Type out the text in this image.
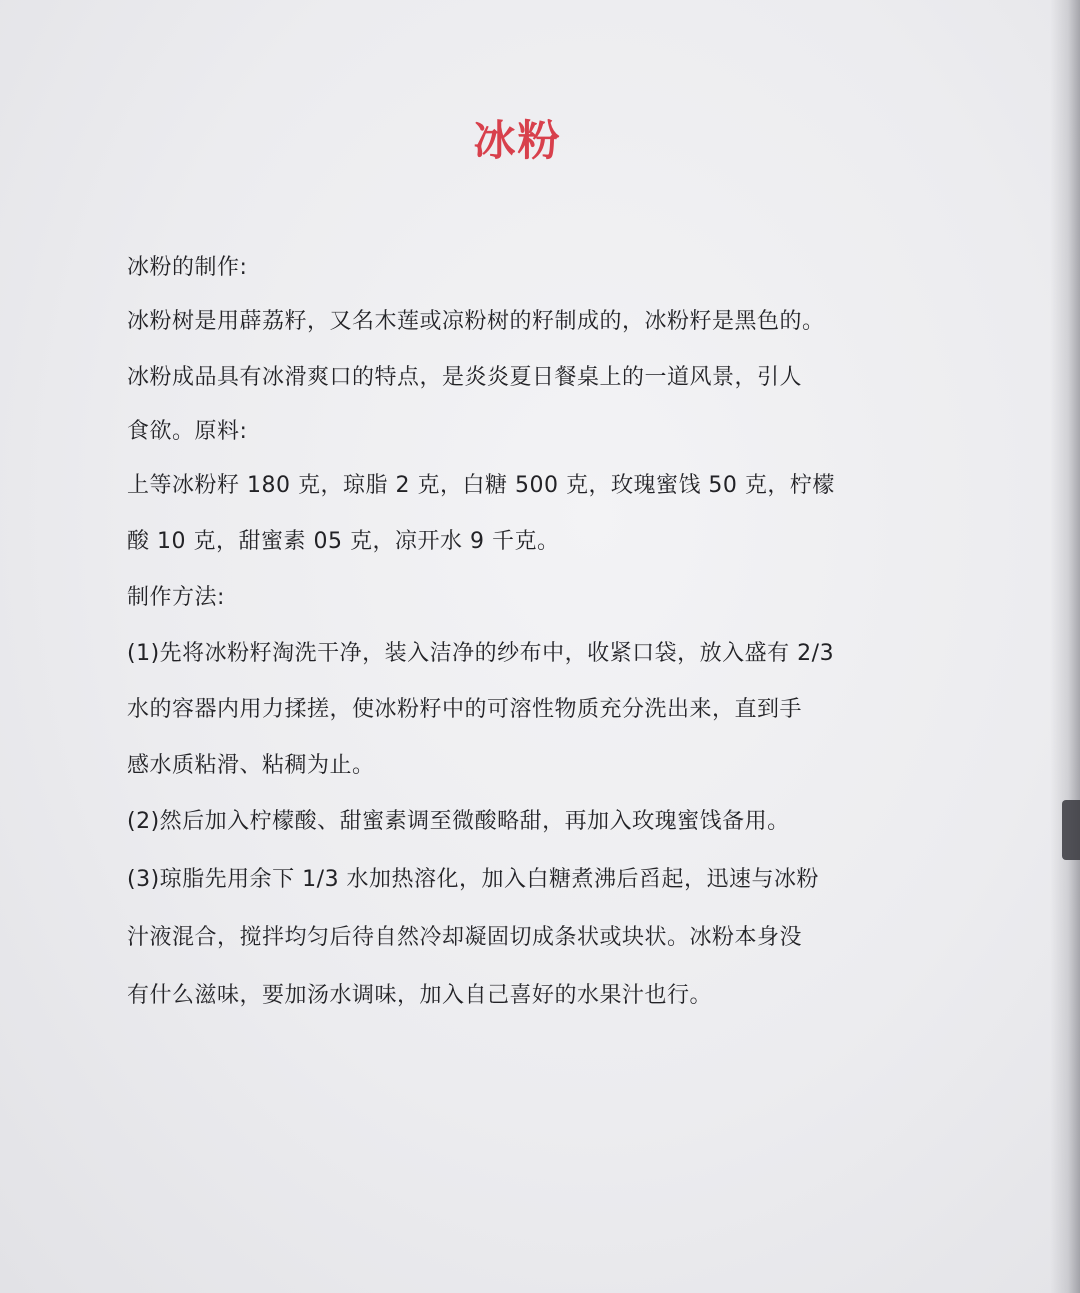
冰粉
冰粉的制作:
冰粉树是用薜荔籽，又名木莲或凉粉树的籽制成的，冰粉籽是黑色的。
冰粉成品具有冰滑爽口的特点，是炎炎夏日餐桌上的一道风景，引人
食欲。原料:
上等冰粉籽 180 克，琼脂 2 克，白糖 500 克，玫瑰蜜饯 50 克，柠檬
酸 10 克，甜蜜素 05 克，凉开水 9 千克。
制作方法:
(1)先将冰粉籽淘洗干净，装入洁净的纱布中，收紧口袋，放入盛有 2/3
水的容器内用力揉搓，使冰粉籽中的可溶性物质充分洗出来，直到手
感水质粘滑、粘稠为止。
(2)然后加入柠檬酸、甜蜜素调至微酸略甜，再加入玫瑰蜜饯备用。
(3)琼脂先用余下 1/3 水加热溶化，加入白糖煮沸后舀起，迅速与冰粉
汁液混合，搅拌均匀后待自然冷却凝固切成条状或块状。冰粉本身没
有什么滋味，要加汤水调味，加入自己喜好的水果汁也行。
